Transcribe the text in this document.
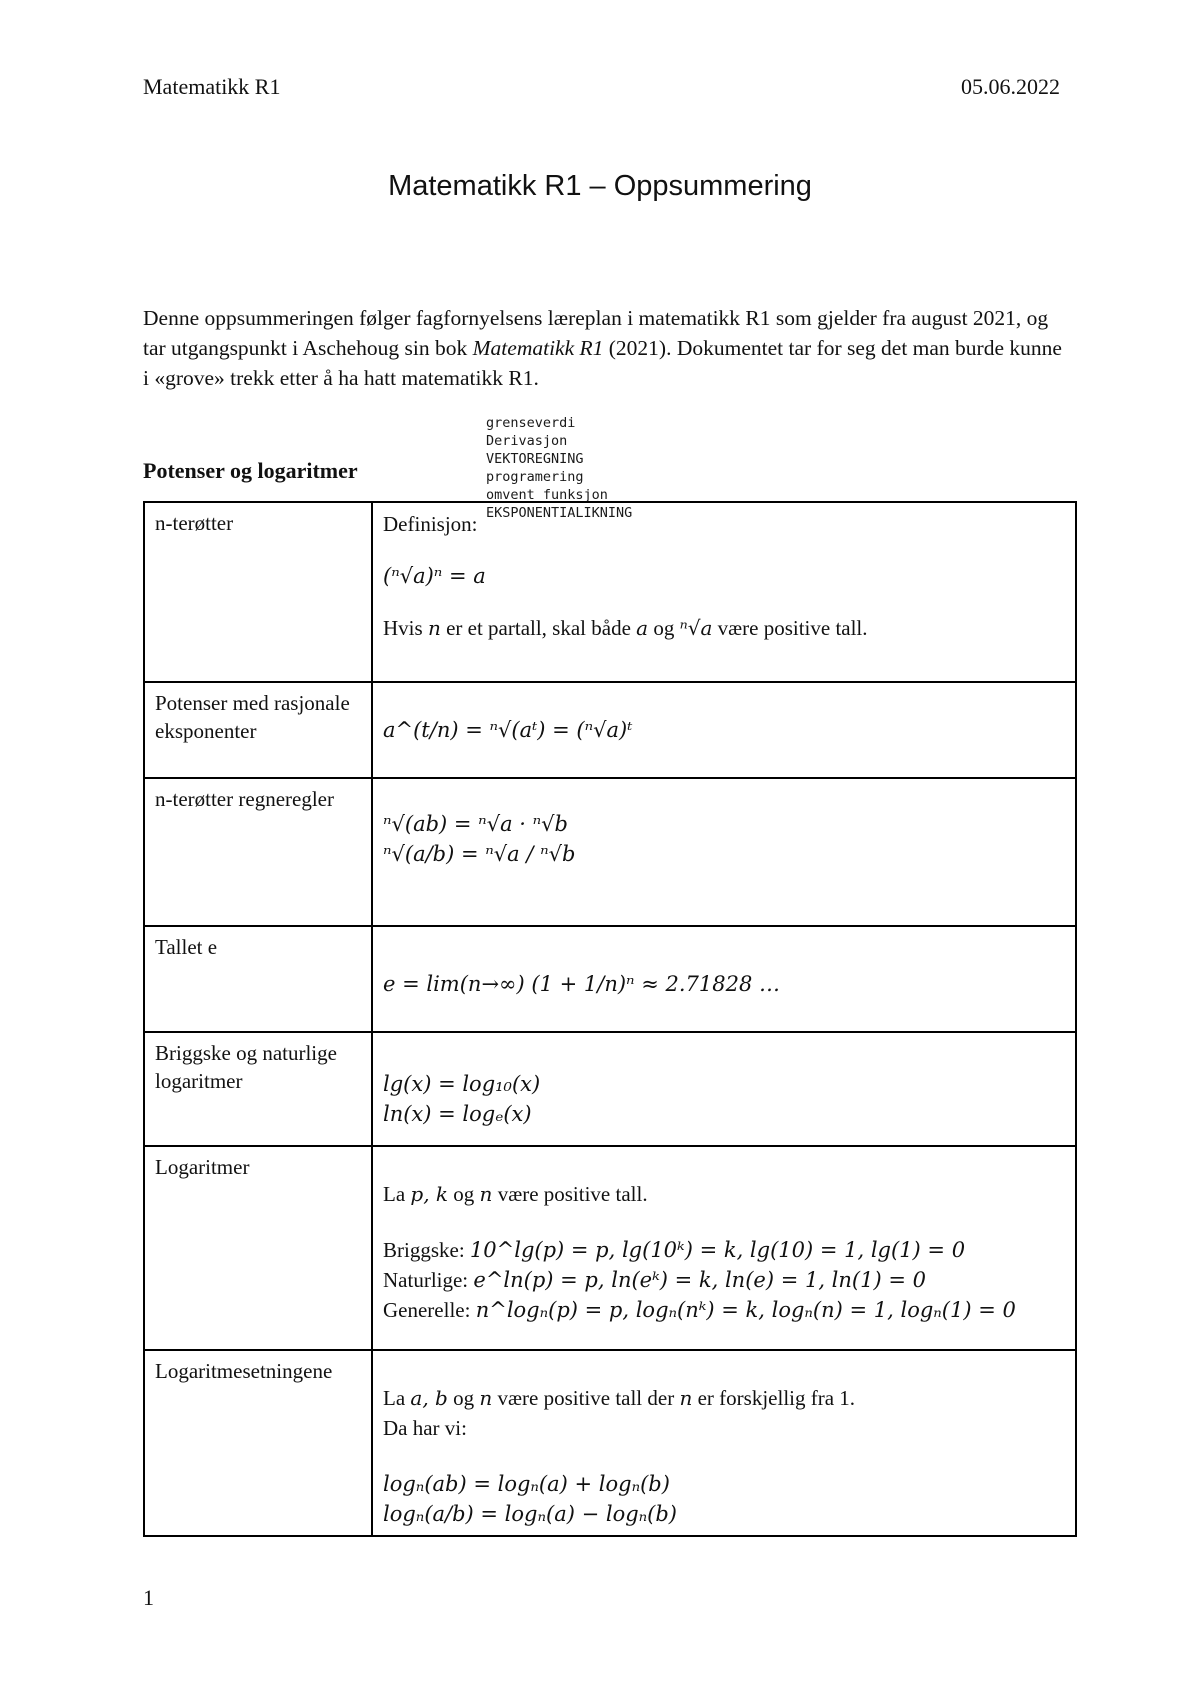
Matematikk R1	05.06.2022
Matematikk R1 – Oppsummering
Denne oppsummeringen følger fagfornyelsens læreplan i matematikk R1 som gjelder fra august 2021, og tar utgangspunkt i Aschehoug sin bok Matematikk R1 (2021). Dokumentet tar for seg det man burde kunne i «grove» trekk etter å ha hatt matematikk R1.
grenseverdi
Derivasjon
VEKTOREGNING
programering
omvent funksjon
EKSPONENTIALIKNING
Potenser og logaritmer
n-terøtter	Definisjon:
(ⁿ√a)ⁿ = a
Hvis n er et partall, skal både a og ⁿ√a være positive tall.

Potenser med rasjonale eksponenter	a^(t/n) = ⁿ√(aᵗ) = (ⁿ√a)ᵗ

n-terøtter regneregler	ⁿ√(ab) = ⁿ√a · ⁿ√b
ⁿ√(a/b) = ⁿ√a / ⁿ√b

Tallet e	e = lim(n→∞) (1 + 1/n)ⁿ ≈ 2.71828 …

Briggske og naturlige logaritmer	lg(x) = log₁₀(x)
ln(x) = logₑ(x)

Logaritmer	La p, k og n være positive tall.
Briggske: 10^lg(p) = p, lg(10ᵏ) = k, lg(10) = 1, lg(1) = 0
Naturlige: e^ln(p) = p, ln(eᵏ) = k, ln(e) = 1, ln(1) = 0
Generelle: n^logₙ(p) = p, logₙ(nᵏ) = k, logₙ(n) = 1, logₙ(1) = 0

Logaritmesetningene	La a, b og n være positive tall der n er forskjellig fra 1.
Da har vi:
logₙ(ab) = logₙ(a) + logₙ(b)
logₙ(a/b) = logₙ(a) − logₙ(b)
1
